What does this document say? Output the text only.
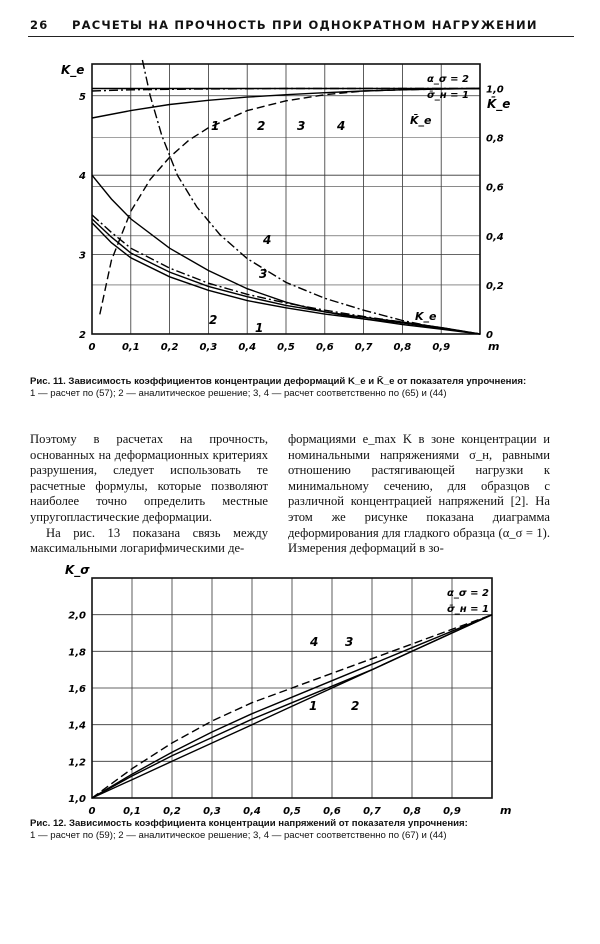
26 РАСЧЕТЫ НА ПРОЧНОСТЬ ПРИ ОДНОКРАТНОМ НАГРУЖЕНИИ
0	0,1 0,2 0,3 0,4 0,5 0,6 0,7 0,8 0,9
2
3
4
5
0
0,2
0,4
0,6
0,8
1,0
m
K_e
K̄_e
α_σ = 2
σ̄_н = 1
K̄_e
K_e
1	2	3	4
4
3
2
1
Рис. 11. Зависимость коэффициентов концентрации деформаций K_e и K̄_e от показателя упрочнения:
1 — расчет по (57); 2 — аналитическое решение; 3, 4 — расчет соответственно по (65) и (44)

Поэтому в расчетах на прочность, основанных на деформационных критериях разрушения, следует использовать те расчетные формулы, которые позволяют наиболее точно определить местные упругопластические деформации.

На рис. 13 показана связь между максимальными логарифмическими де-

формациями e_max K в зоне концентрации и номинальными напряжениями σ_н, равными отношению растягивающей нагрузки к минимальному сечению, для образцов с различной концентрацией напряжений [2]. На этом же рисунке показана диаграмма деформирования для гладкого образца (α_σ = 1). Измерения деформаций в зо-

0	0,1 0,2 0,3 0,4 0,5 0,6 0,7 0,8 0,9
1,0
1,2
1,4
1,6
1,8
2,0
m
K_σ
α_σ = 2
σ̄_н = 1
4 3
1	2
Рис. 12. Зависимость коэффициента концентрации напряжений от показателя упрочнения:
1 — расчет по (59); 2 — аналитическое решение; 3, 4 — расчет соответственно по (67) и (44)
